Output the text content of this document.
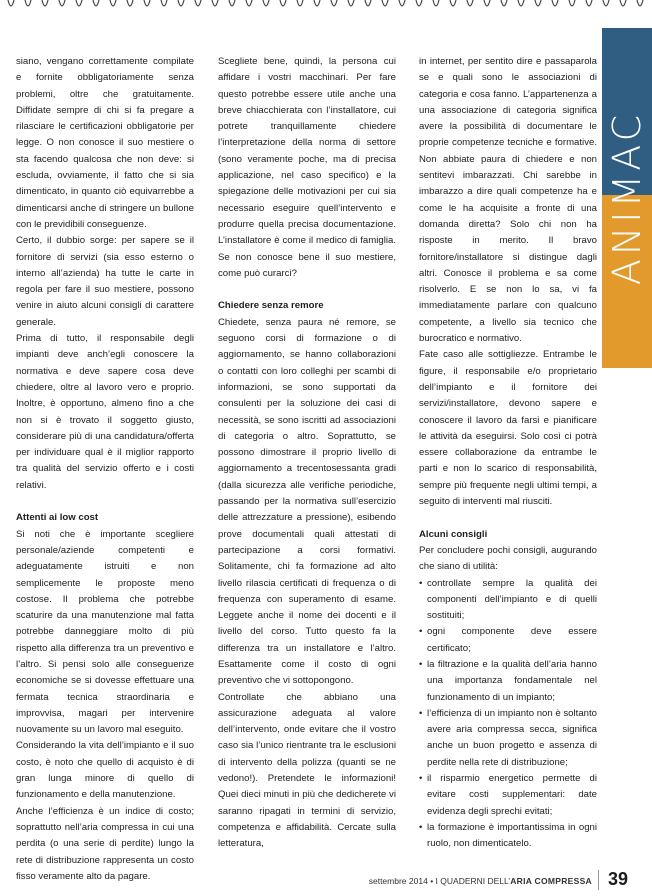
ANIMAC

siano, vengano correttamente compilate e fornite obbligatoriamente senza problemi, oltre che gratuitamente. Diffidate sempre di chi si fa pregare a rilasciare le certificazioni obbligatorie per legge. O non conosce il suo mestiere o sta facendo qualcosa che non deve: si escluda, ovviamente, il fatto che si sia dimenticato, in quanto ciò equivarrebbe a dimenticarsi anche di stringere un bullone con le previdibili conseguenze.

Certo, il dubbio sorge: per sapere se il fornitore di servizi (sia esso esterno o interno all’azienda) ha tutte le carte in regola per fare il suo mestiere, possono venire in aiuto alcuni consigli di carattere generale.

Prima di tutto, il responsabile degli impianti deve anch’egli conoscere la normativa e deve sapere cosa deve chiedere, oltre al lavoro vero e proprio. Inoltre, è opportuno, almeno fino a che non si è trovato il soggetto giusto, considerare più di una candidatura/offerta per individuare qual è il miglior rapporto tra qualità del servizio offerto e i costi relativi.

Attenti ai low cost

Si noti che è importante scegliere personale/aziende competenti e adeguatamente istruiti e non semplicemente le proposte meno costose. Il problema che potrebbe scaturire da una manutenzione mal fatta potrebbe danneggiare molto di più rispetto alla differenza tra un preventivo e l’altro. Si pensi solo alle conseguenze economiche se si dovesse effettuare una fermata tecnica straordinaria e improvvisa, magari per intervenire nuovamente su un lavoro mal eseguito.

Considerando la vita dell’impianto e il suo costo, è noto che quello di acquisto è di gran lunga minore di quello di funzionamento e della manutenzione.

Anche l’efficienza è un indice di costo; soprattutto nell’aria compressa in cui una perdita (o una serie di perdite) lungo la rete di distribuzione rappresenta un costo fisso veramente alto da pagare.

Scegliete bene, quindi, la persona cui affidare i vostri macchinari. Per fare questo potrebbe essere utile anche una breve chiacchierata con l’installatore, cui potrete tranquillamente chiedere l’interpretazione della norma di settore (sono veramente poche, ma di precisa applicazione, nel caso specifico) e la spiegazione delle motivazioni per cui sia necessario eseguire quell’intervento e produrre quella precisa documentazione. L’installatore è come il medico di famiglia. Se non conosce bene il suo mestiere, come può curarci?

Chiedere senza remore

Chiedete, senza paura né remore, se seguono corsi di formazione o di aggiornamento, se hanno collaborazioni o contatti con loro colleghi per scambi di informazioni, se sono supportati da consulenti per la soluzione dei casi di necessità, se sono iscritti ad associazioni di categoria o altro. Soprattutto, se possono dimostrare il proprio livello di aggiornamento a trecentosessanta gradi (dalla sicurezza alle verifiche periodiche, passando per la normativa sull’esercizio delle attrezzature a pressione), esibendo prove documentali quali attestati di partecipazione a corsi formativi. Solitamente, chi fa formazione ad alto livello rilascia certificati di frequenza o di frequenza con superamento di esame. Leggete anche il nome dei docenti e il livello del corso. Tutto questo fa la differenza tra un installatore e l’altro. Esattamente come il costo di ogni preventivo che vi sottopongono.

Controllate che abbiano una assicurazione adeguata al valore dell’intervento, onde evitare che il vostro caso sia l’unico rientrante tra le esclusioni di intervento della polizza (quanti se ne vedono!). Pretendete le informazioni! Quei dieci minuti in più che dedicherete vi saranno ripagati in termini di servizio, competenza e affidabilità. Cercate sulla letteratura,

in internet, per sentito dire e passaparola se e quali sono le associazioni di categoria e cosa fanno. L’appartenenza a una associazione di categoria significa avere la possibilità di documentare le proprie competenze tecniche e formative. Non abbiate paura di chiedere e non sentitevi imbarazzati. Chi sarebbe in imbarazzo a dire quali competenze ha e come le ha acquisite a fronte di una domanda diretta? Solo chi non ha risposte in merito. Il bravo fornitore/installatore si distingue dagli altri. Conosce il problema e sa come risolverlo. E se non lo sa, vi fa immediatamente parlare con qualcuno competente, a livello sia tecnico che burocratico e normativo.

Fate caso alle sottigliezze. Entrambe le figure, il responsabile e/o proprietario dell’impianto e il fornitore dei servizi/installatore, devono sapere e conoscere il lavoro da farsi e pianificare le attività da eseguirsi. Solo così ci potrà essere collaborazione da entrambe le parti e non lo scarico di responsabilità, sempre più frequente negli ultimi tempi, a seguito di interventi mal riusciti.

Alcuni consigli

Per concludere pochi consigli, augurando che siano di utilità:

• controllate sempre la qualità dei componenti dell’impianto e di quelli sostituiti;
• ogni componente deve essere certificato;
• la filtrazione e la qualità dell’aria hanno una importanza fondamentale nel funzionamento di un impianto;
• l’efficienza di un impianto non è soltanto avere aria compressa secca, significa anche un buon progetto e assenza di perdite nella rete di distribuzione;
• il risparmio energetico permette di evitare costi supplementari: date evidenza degli sprechi evitati;
• la formazione è importantissima in ogni ruolo, non dimenticatelo.
settembre 2014 • I QUADERNI DELL’ARIA COMPRESSA 39
